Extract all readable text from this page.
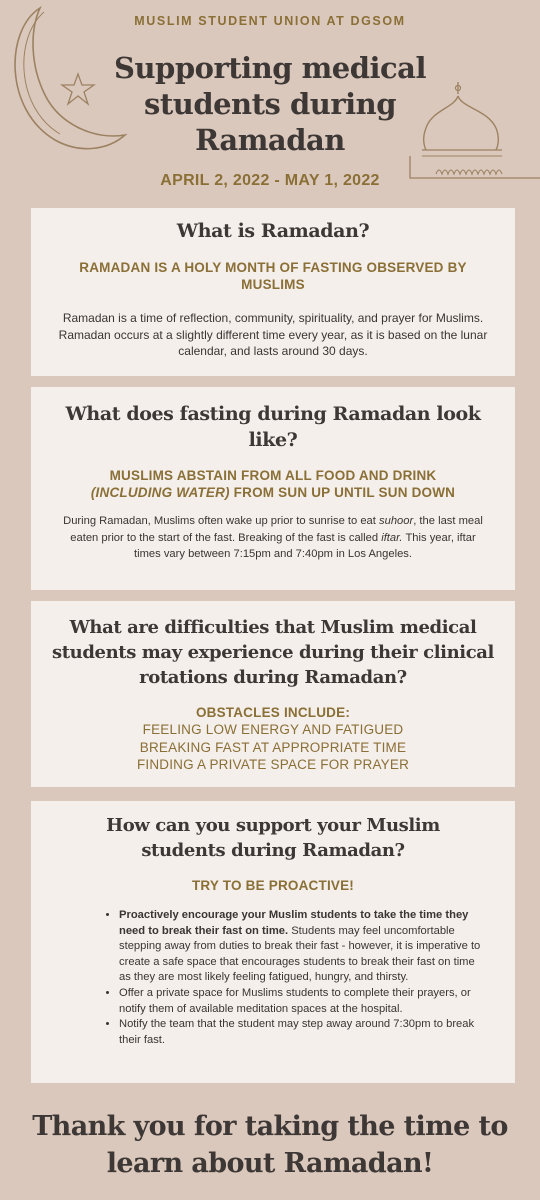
MUSLIM STUDENT UNION AT DGSOM
Supporting medical students during Ramadan
APRIL 2, 2022 - MAY 1, 2022
What is Ramadan?
RAMADAN IS A HOLY MONTH OF FASTING OBSERVED BY MUSLIMS
Ramadan is a time of reflection, community, spirituality, and prayer for Muslims. Ramadan occurs at a slightly different time every year, as it is based on the lunar calendar, and lasts around 30 days.
What does fasting during Ramadan look like?
MUSLIMS ABSTAIN FROM ALL FOOD AND DRINK
(INCLUDING WATER) FROM SUN UP UNTIL SUN DOWN
During Ramadan, Muslims often wake up prior to sunrise to eat suhoor, the last meal eaten prior to the start of the fast. Breaking of the fast is called iftar. This year, iftar times vary between 7:15pm and 7:40pm in Los Angeles.
What are difficulties that Muslim medical students may experience during their clinical rotations during Ramadan?
OBSTACLES INCLUDE:
FEELING LOW ENERGY AND FATIGUED
BREAKING FAST AT APPROPRIATE TIME
FINDING A PRIVATE SPACE FOR PRAYER
How can you support your Muslim students during Ramadan?
TRY TO BE PROACTIVE!
• Proactively encourage your Muslim students to take the time they need to break their fast on time. Students may feel uncomfortable stepping away from duties to break their fast - however, it is imperative to create a safe space that encourages students to break their fast on time as they are most likely feeling fatigued, hungry, and thirsty.
• Offer a private space for Muslims students to complete their prayers, or notify them of available meditation spaces at the hospital.
• Notify the team that the student may step away around 7:30pm to break their fast.
Thank you for taking the time to learn about Ramadan!
